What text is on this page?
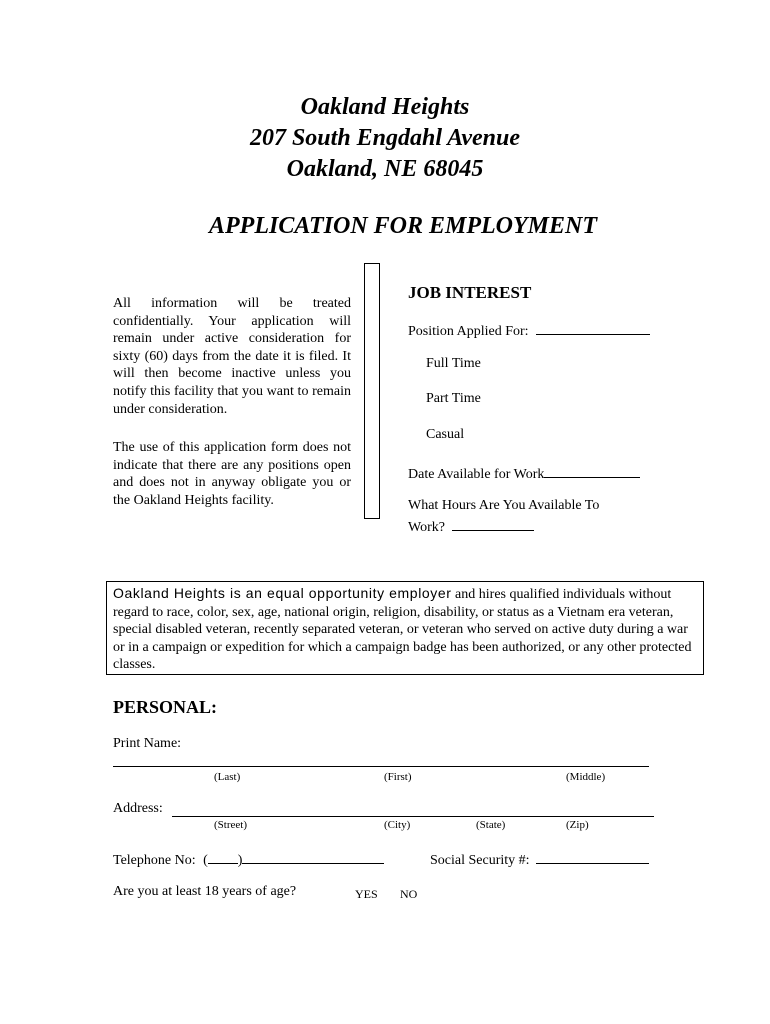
Oakland Heights
207 South Engdahl Avenue
Oakland, NE 68045
APPLICATION FOR EMPLOYMENT
All information will be treated confidentially. Your application will remain under active consideration for sixty (60) days from the date it is filed. It will then become inactive unless you notify this facility that you want to remain under consideration.
The use of this application form does not indicate that there are any positions open and does not in anyway obligate you or the Oakland Heights facility.
JOB INTEREST
Position Applied For:
Full Time
Part Time
Casual
Date Available for Work
What Hours Are You Available To
Work?
Oakland Heights is an equal opportunity employer and hires qualified individuals without regard to race, color, sex, age, national origin, religion, disability, or status as a Vietnam era veteran, special disabled veteran, recently separated veteran, or veteran who served on active duty during a war or in a campaign or expedition for which a campaign badge has been authorized, or any other protected classes.
PERSONAL:
Print Name:
(Last)	(First)	(Middle)
Address:
(Street)	(City)	(State)	(Zip)
Telephone No: ( )	Social Security #:
Are you at least 18 years of age?	YES NO
